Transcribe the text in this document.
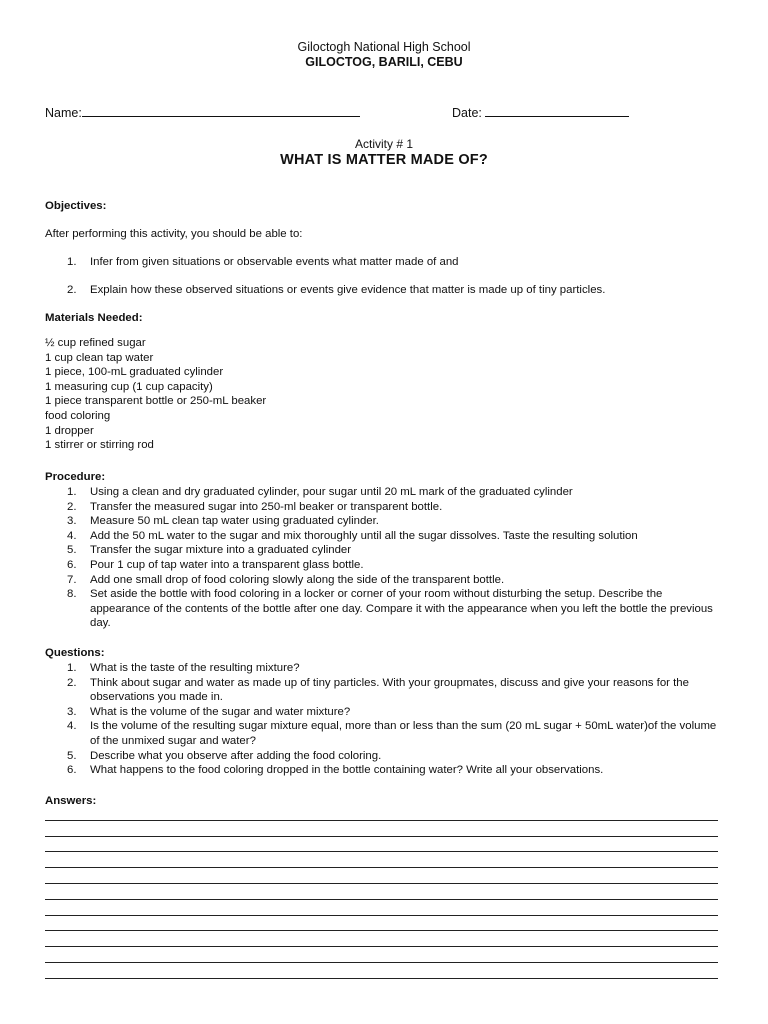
Giloctogh National High School
GILOCTOG, BARILI, CEBU
Name:	Date:
Activity # 1
WHAT IS MATTER MADE OF?
Objectives:
After performing this activity, you should be able to:
1. Infer from given situations or observable events what matter made of and
2. Explain how these observed situations or events give evidence that matter is made up of tiny particles.
Materials Needed:
½ cup refined sugar
1 cup clean tap water
1 piece, 100-mL graduated cylinder
1 measuring cup (1 cup capacity)
1 piece transparent bottle or 250-mL beaker
food coloring
1 dropper
1 stirrer or stirring rod
Procedure:
1. Using a clean and dry graduated cylinder, pour sugar until 20 mL mark of the graduated cylinder
2. Transfer the measured sugar into 250-ml beaker or transparent bottle.
3. Measure 50 mL clean tap water using graduated cylinder.
4. Add the 50 mL water to the sugar and mix thoroughly until all the sugar dissolves. Taste the resulting solution
5. Transfer the sugar mixture into a graduated cylinder
6. Pour 1 cup of tap water into a transparent glass bottle.
7. Add one small drop of food coloring slowly along the side of the transparent bottle.
8. Set aside the bottle with food coloring in a locker or corner of your room without disturbing the setup. Describe the appearance of the contents of the bottle after one day. Compare it with the appearance when you left the bottle the previous day.
Questions:
1. What is the taste of the resulting mixture?
2. Think about sugar and water as made up of tiny particles. With your groupmates, discuss and give your reasons for the observations you made in.
3. What is the volume of the sugar and water mixture?
4. Is the volume of the resulting sugar mixture equal, more than or less than the sum (20 mL sugar + 50mL water)of the volume of the unmixed sugar and water?
5. Describe what you observe after adding the food coloring.
6. What happens to the food coloring dropped in the bottle containing water? Write all your observations.
Answers:
